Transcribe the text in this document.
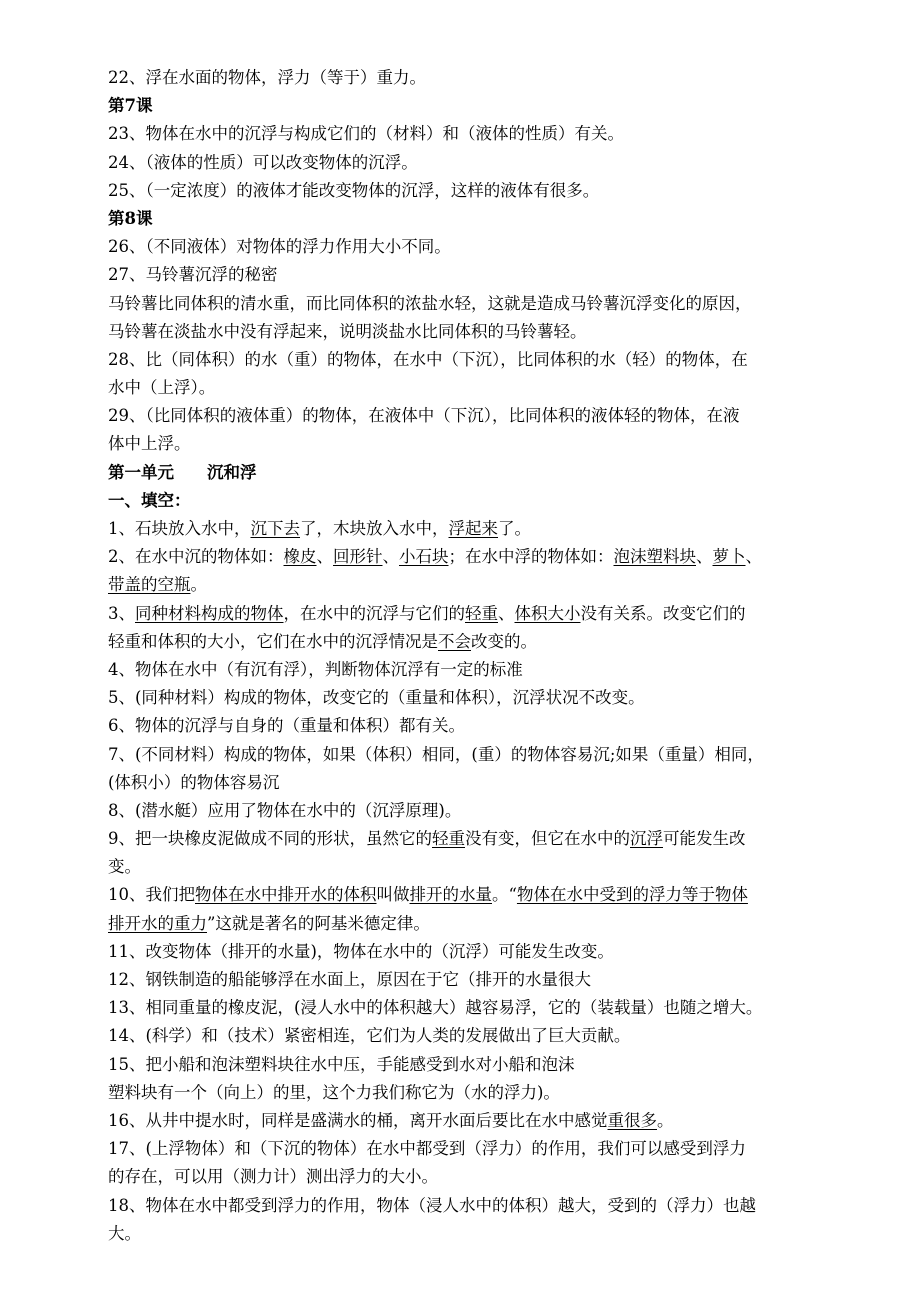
22、浮在水面的物体，浮力（等于）重力。
第7课
23、物体在水中的沉浮与构成它们的（材料）和（液体的性质）有关。
24、（液体的性质）可以改变物体的沉浮。
25、（一定浓度）的液体才能改变物体的沉浮，这样的液体有很多。
第8课
26、（不同液体）对物体的浮力作用大小不同。
27、马铃薯沉浮的秘密
马铃薯比同体积的清水重，而比同体积的浓盐水轻，这就是造成马铃薯沉浮变化的原因，
马铃薯在淡盐水中没有浮起来，说明淡盐水比同体积的马铃薯轻。
28、比（同体积）的水（重）的物体，在水中（下沉），比同体积的水（轻）的物体，在
水中（上浮）。
29、（比同体积的液体重）的物体，在液体中（下沉），比同体积的液体轻的物体，在液
体中上浮。
第一单元　　沉和浮
一、填空：
1、石块放入水中，沉下去了，木块放入水中，浮起来了。
2、在水中沉的物体如：橡皮、回形针、小石块；在水中浮的物体如：泡沫塑料块、萝卜、
带盖的空瓶。
3、同种材料构成的物体，在水中的沉浮与它们的轻重、体积大小没有关系。改变它们的
轻重和体积的大小，它们在水中的沉浮情况是不会改变的。
4、物体在水中（有沉有浮），判断物体沉浮有一定的标准
5、(同种材料）构成的物体，改变它的（重量和体积），沉浮状况不改变。
6、物体的沉浮与自身的（重量和体积）都有关。
7、(不同材料）构成的物体，如果（体积）相同，(重）的物体容易沉;如果（重量）相同，
(体积小）的物体容易沉
8、(潜水艇）应用了物体在水中的（沉浮原理)。
9、把一块橡皮泥做成不同的形状，虽然它的轻重没有变，但它在水中的沉浮可能发生改
变。
10、我们把物体在水中排开水的体积叫做排开的水量。“物体在水中受到的浮力等于物体
排开水的重力”这就是著名的阿基米德定律。
11、改变物体（排开的水量)，物体在水中的（沉浮）可能发生改变。
12、钢铁制造的船能够浮在水面上，原因在于它（排开的水量很大
13、相同重量的橡皮泥，(浸人水中的体积越大）越容易浮，它的（装载量）也随之增大。
14、(科学）和（技术）紧密相连，它们为人类的发展做出了巨大贡献。
15、把小船和泡沫塑料块往水中压，手能感受到水对小船和泡沫
塑料块有一个（向上）的里，这个力我们称它为（水的浮力)。
16、从井中提水时，同样是盛满水的桶，离开水面后要比在水中感觉重很多。
17、(上浮物体）和（下沉的物体）在水中都受到（浮力）的作用，我们可以感受到浮力
的存在，可以用（测力计）测出浮力的大小。
18、物体在水中都受到浮力的作用，物体（浸人水中的体积）越大，受到的（浮力）也越
大。
